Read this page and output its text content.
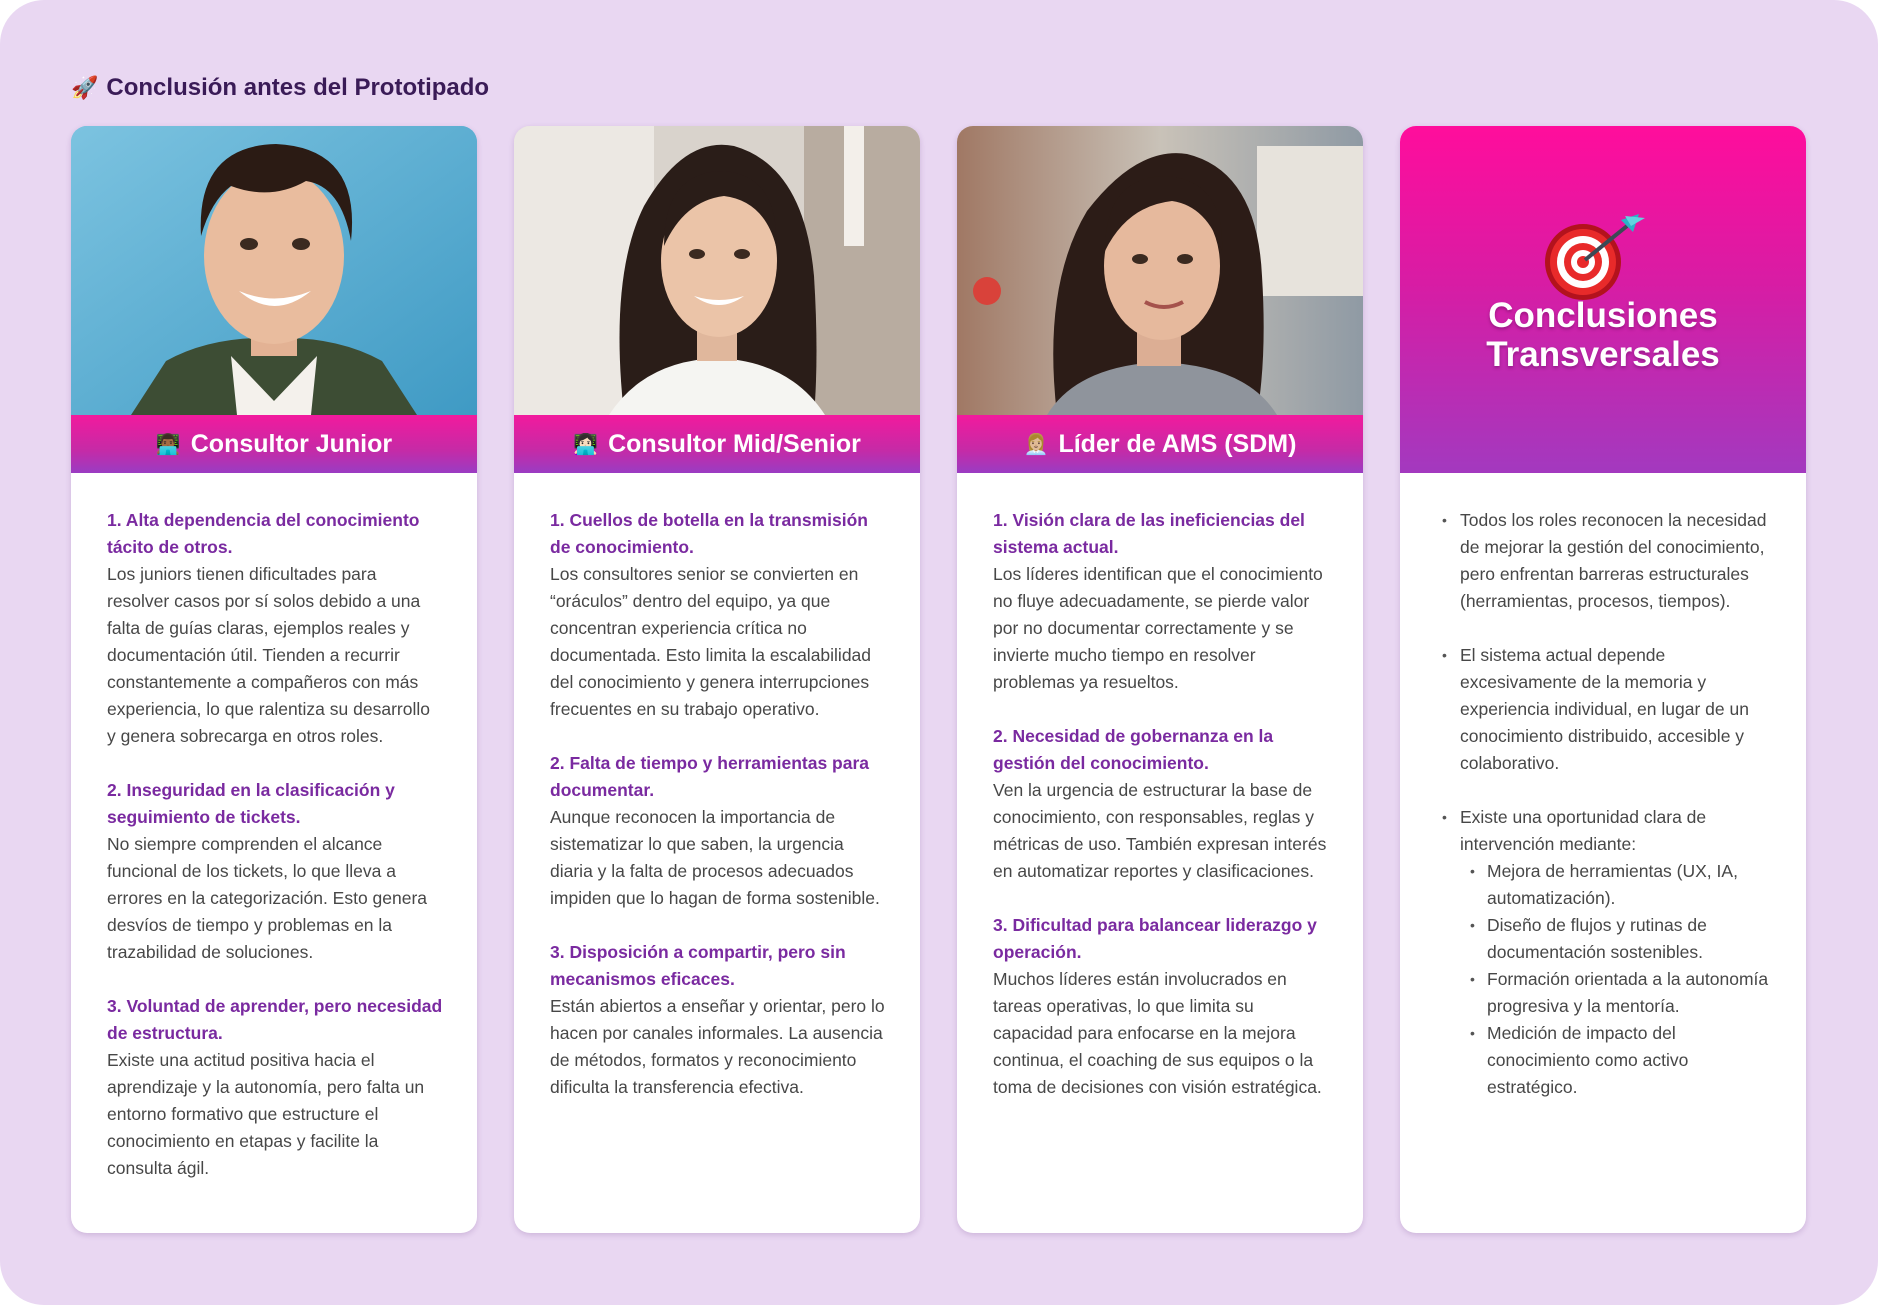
🚀 Conclusión antes del Prototipado
👨🏾‍💻 Consultor Junior
1. Alta dependencia del conocimiento tácito de otros.
Los juniors tienen dificultades para resolver casos por sí solos debido a una falta de guías claras, ejemplos reales y documentación útil. Tienden a recurrir constantemente a compañeros con más experiencia, lo que ralentiza su desarrollo y genera sobrecarga en otros roles.
2. Inseguridad en la clasificación y seguimiento de tickets.
No siempre comprenden el alcance funcional de los tickets, lo que lleva a errores en la categorización. Esto genera desvíos de tiempo y problemas en la trazabilidad de soluciones.
3. Voluntad de aprender, pero necesidad de estructura.
Existe una actitud positiva hacia el aprendizaje y la autonomía, pero falta un entorno formativo que estructure el conocimiento en etapas y facilite la consulta ágil.
👩🏻‍💻 Consultor Mid/Senior
1. Cuellos de botella en la transmisión de conocimiento.
Los consultores senior se convierten en “oráculos” dentro del equipo, ya que concentran experiencia crítica no documentada. Esto limita la escalabilidad del conocimiento y genera interrupciones frecuentes en su trabajo operativo.
2. Falta de tiempo y herramientas para documentar.
Aunque reconocen la importancia de sistematizar lo que saben, la urgencia diaria y la falta de procesos adecuados impiden que lo hagan de forma sostenible.
3. Disposición a compartir, pero sin mecanismos eficaces.
Están abiertos a enseñar y orientar, pero lo hacen por canales informales. La ausencia de métodos, formatos y reconocimiento dificulta la transferencia efectiva.
👩🏼‍💼 Líder de AMS (SDM)
1. Visión clara de las ineficiencias del sistema actual.
Los líderes identifican que el conocimiento no fluye adecuadamente, se pierde valor por no documentar correctamente y se invierte mucho tiempo en resolver problemas ya resueltos.
2. Necesidad de gobernanza en la gestión del conocimiento.
Ven la urgencia de estructurar la base de conocimiento, con responsables, reglas y métricas de uso. También expresan interés en automatizar reportes y clasificaciones.
3. Dificultad para balancear liderazgo y operación.
Muchos líderes están involucrados en tareas operativas, lo que limita su capacidad para enfocarse en la mejora continua, el coaching de sus equipos o la toma de decisiones con visión estratégica.
Conclusiones
Transversales
• Todos los roles reconocen la necesidad de mejorar la gestión del conocimiento, pero enfrentan barreras estructurales (herramientas, procesos, tiempos).
• El sistema actual depende excesivamente de la memoria y experiencia individual, en lugar de un conocimiento distribuido, accesible y colaborativo.
• Existe una oportunidad clara de intervención mediante:
• Mejora de herramientas (UX, IA, automatización).
• Diseño de flujos y rutinas de documentación sostenibles.
• Formación orientada a la autonomía progresiva y la mentoría.
• Medición de impacto del conocimiento como activo estratégico.
